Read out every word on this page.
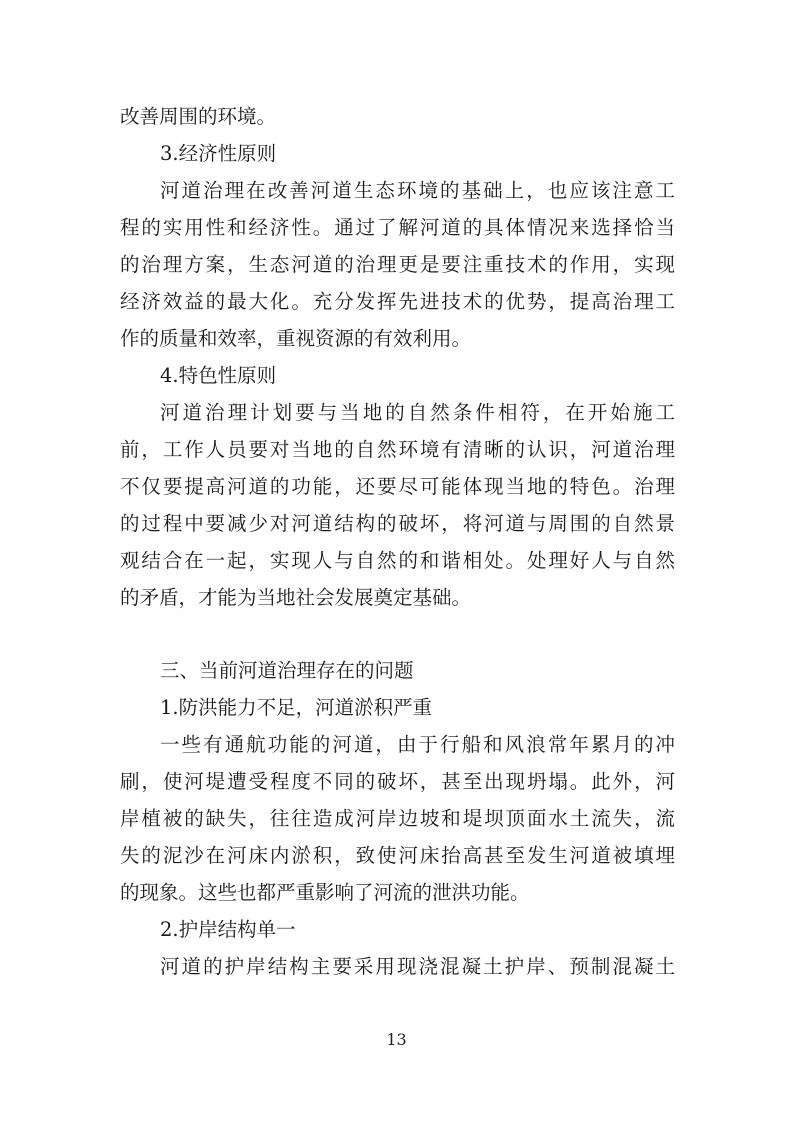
改善周围的环境。
3.经济性原则
河道治理在改善河道生态环境的基础上，也应该注意工
程的实用性和经济性。通过了解河道的具体情况来选择恰当
的治理方案，生态河道的治理更是要注重技术的作用，实现
经济效益的最大化。充分发挥先进技术的优势，提高治理工
作的质量和效率，重视资源的有效利用。
4.特色性原则
河道治理计划要与当地的自然条件相符，在开始施工
前，工作人员要对当地的自然环境有清晰的认识，河道治理
不仅要提高河道的功能，还要尽可能体现当地的特色。治理
的过程中要减少对河道结构的破坏，将河道与周围的自然景
观结合在一起，实现人与自然的和谐相处。处理好人与自然
的矛盾，才能为当地社会发展奠定基础。
三、当前河道治理存在的问题
1.防洪能力不足，河道淤积严重
一些有通航功能的河道，由于行船和风浪常年累月的冲
刷，使河堤遭受程度不同的破坏，甚至出现坍塌。此外，河
岸植被的缺失，往往造成河岸边坡和堤坝顶面水土流失，流
失的泥沙在河床内淤积，致使河床抬高甚至发生河道被填埋
的现象。这些也都严重影响了河流的泄洪功能。
2.护岸结构单一
河道的护岸结构主要采用现浇混凝土护岸、预制混凝土
13
